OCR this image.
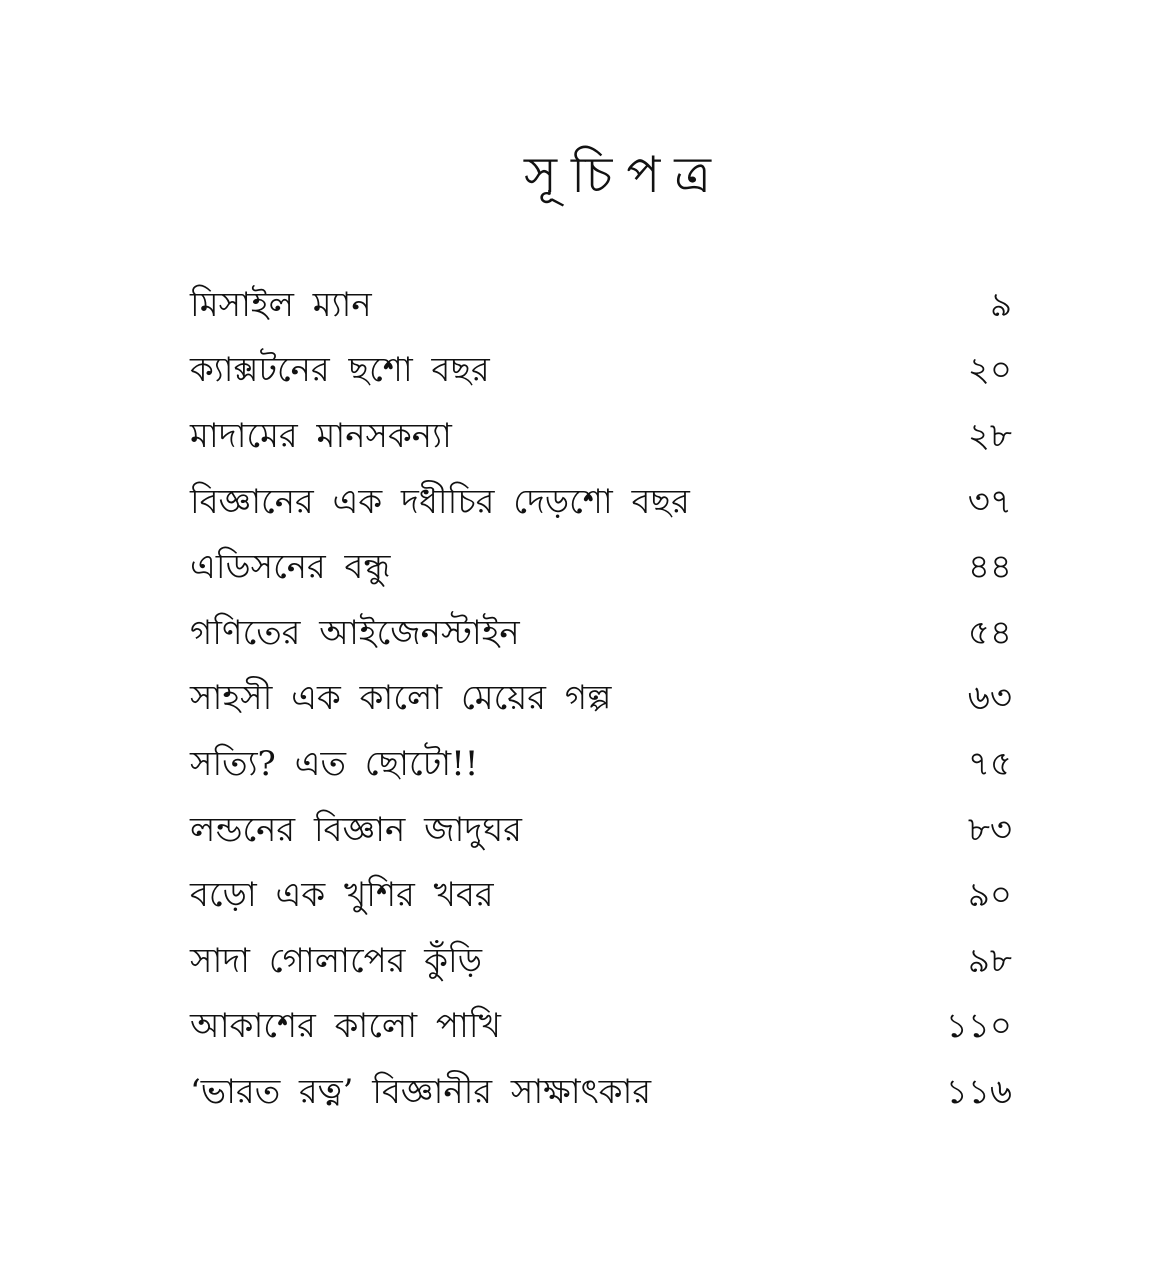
সূচিপত্র
মিসাইল ম্যান	৯
ক্যাক্সটনের ছশো বছর	২০
মাদামের মানসকন্যা	২৮
বিজ্ঞানের এক দধীচির দেড়শো বছর	৩৭
এডিসনের বন্ধু	৪৪
গণিতের আইজেনস্টাইন	৫৪
সাহসী এক কালো মেয়ের গল্প	৬৩
সত্যি? এত ছোটো!!	৭৫
লন্ডনের বিজ্ঞান জাদুঘর	৮৩
বড়ো এক খুশির খবর	৯০
সাদা গোলাপের কুঁড়ি	৯৮
আকাশের কালো পাখি	১১০
‘ভারত রত্ন’ বিজ্ঞানীর সাক্ষাৎকার	১১৬
